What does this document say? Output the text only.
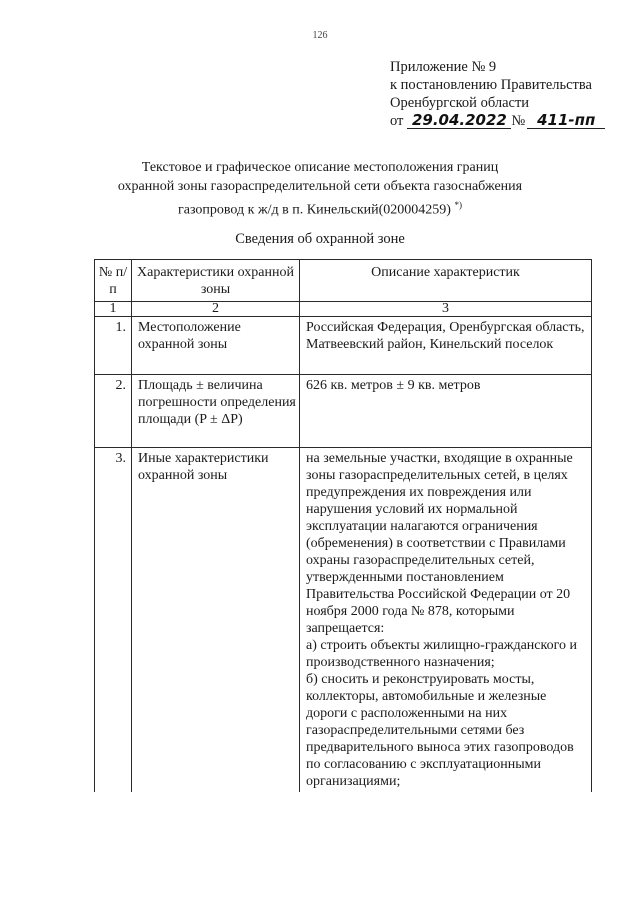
126
Приложение № 9
к постановлению Правительства
Оренбургской области
от 29.04.2022 № 411-пп
Текстовое и графическое описание местоположения границ
охранной зоны газораспределительной сети объекта газоснабжения
газопровод к ж/д в п. Кинельский(020004259) *)
Сведения об охранной зоне
№ п/п	Характеристики охранной зоны	Описание характеристик
1	2	3
1.	Местоположение охранной зоны	Российская Федерация, Оренбургская область, Матвеевский район, Кинельский поселок
2.	Площадь ± величина погрешности определения площади (P ± ΔP)	626 кв. метров ± 9 кв. метров
3.	Иные характеристики охранной зоны	на земельные участки, входящие в охранные зоны газораспределительных сетей, в целях предупреждения их повреждения или нарушения условий их нормальной эксплуатации налагаются ограничения (обременения) в соответствии с Правилами охраны газораспределительных сетей, утвержденными постановлением Правительства Российской Федерации от 20 ноября 2000 года № 878, которыми запрещается:
а) строить объекты жилищно-гражданского и производственного назначения;
б) сносить и реконструировать мосты, коллекторы, автомобильные и железные дороги с расположенными на них газораспределительными сетями без предварительного выноса этих газопроводов по согласованию с эксплуатационными организациями;
